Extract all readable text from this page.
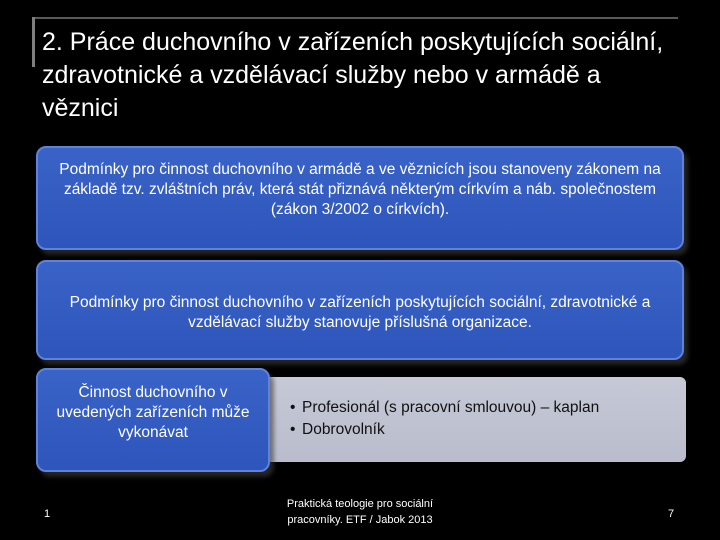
2. Práce duchovního v zařízeních poskytujících sociální, zdravotnické a vzdělávací služby nebo v armádě a věznici
Podmínky pro činnost duchovního v armádě a ve věznicích jsou stanoveny zákonem na základě tzv. zvláštních práv, která stát přiznává některým církvím a náb. společnostem (zákon 3/2002 o církvích).
Podmínky pro činnost duchovního v zařízeních poskytujících sociální, zdravotnické a vzdělávací služby stanovuje příslušná organizace.
Činnost duchovního v uvedených zařízeních může vykonávat
• Profesionál (s pracovní smlouvou) – kaplan
• Dobrovolník
1
Praktická teologie pro sociální pracovníky. ETF / Jabok 2013	7
